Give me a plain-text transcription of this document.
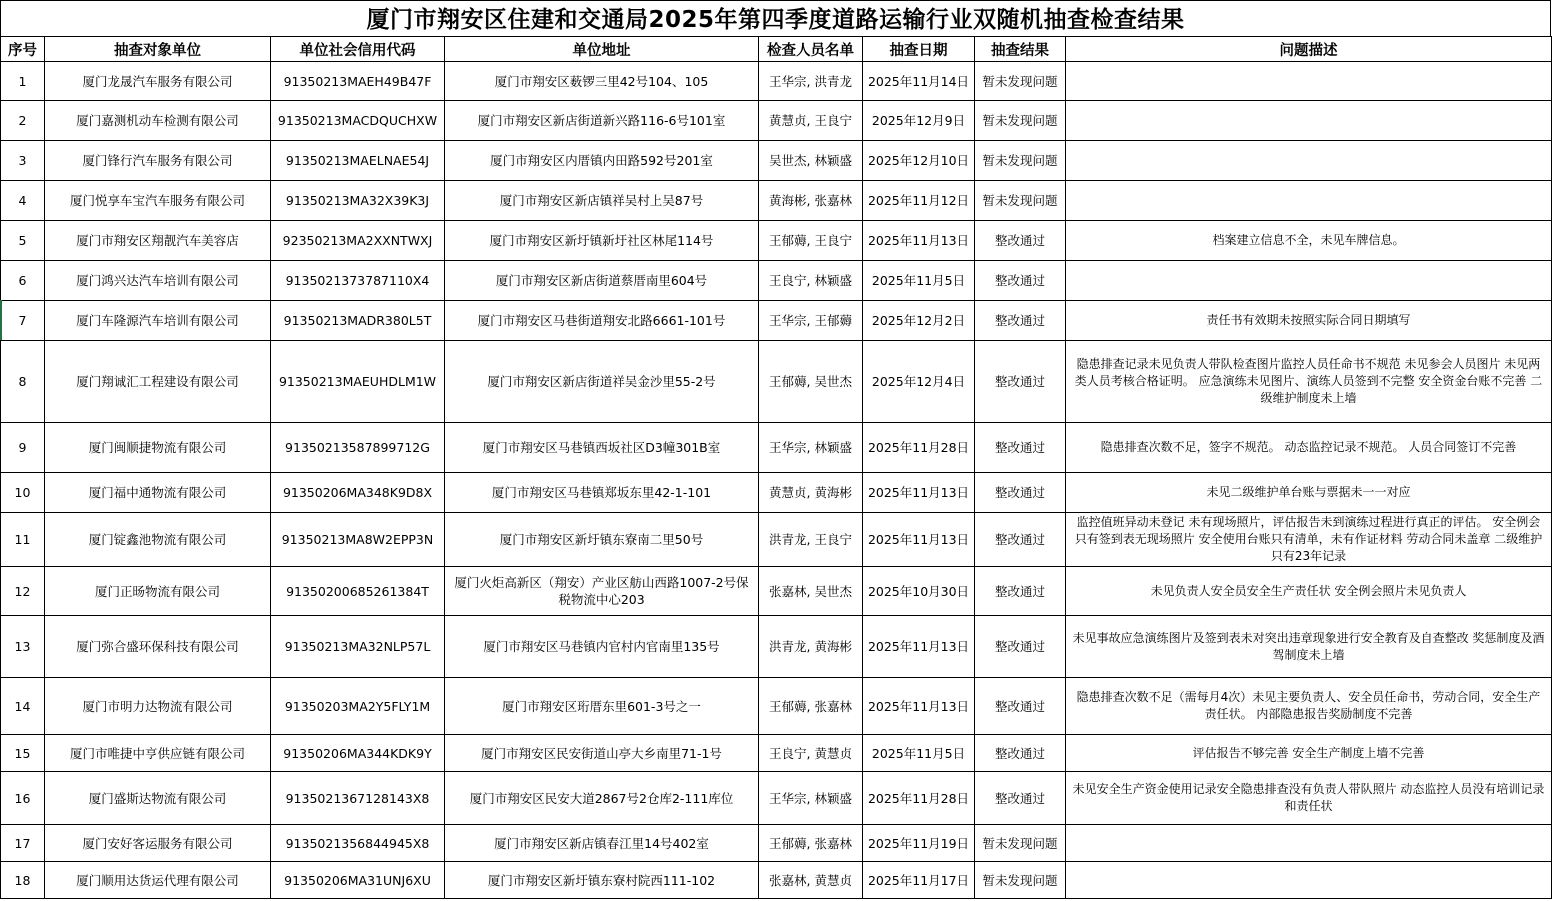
厦门市翔安区住建和交通局2025年第四季度道路运输行业双随机抽查检查结果
序号	抽查对象单位	单位社会信用代码	单位地址	检查人员名单	抽查日期	抽查结果	问题描述
1	厦门龙晟汽车服务有限公司	91350213MAEH49B47F	厦门市翔安区薮锣三里42号104、105	王华宗, 洪青龙	2025年11月14日	暂未发现问题	
2	厦门嘉测机动车检测有限公司	91350213MACDQUCHXW	厦门市翔安区新店街道新兴路116-6号101室	黄慧贞, 王良宁	2025年12月9日	暂未发现问题	
3	厦门锋行汽车服务有限公司	91350213MAELNAE54J	厦门市翔安区内厝镇内田路592号201室	吴世杰, 林颖盛	2025年12月10日	暂未发现问题	
4	厦门悦享车宝汽车服务有限公司	91350213MA32X39K3J	厦门市翔安区新店镇祥吴村上吴87号	黄海彬, 张嘉林	2025年11月12日	暂未发现问题	
5	厦门市翔安区翔靓汽车美容店	92350213MA2XXNTWXJ	厦门市翔安区新圩镇新圩社区林尾114号	王郁薅, 王良宁	2025年11月13日	整改通过	档案建立信息不全，未见车牌信息。
6	厦门鸿兴达汽车培训有限公司	9135021373787110X4	厦门市翔安区新店街道蔡厝南里604号	王良宁, 林颖盛	2025年11月5日	整改通过	
7	厦门车隆源汽车培训有限公司	91350213MADR380L5T	厦门市翔安区马巷街道翔安北路6661-101号	王华宗, 王郁薅	2025年12月2日	整改通过	责任书有效期未按照实际合同日期填写
8	厦门翔诚汇工程建设有限公司	91350213MAEUHDLM1W	厦门市翔安区新店街道祥吴金沙里55-2号	王郁薅, 吴世杰	2025年12月4日	整改通过	隐患排查记录未见负责人带队检查图片监控人员任命书不规范 未见参会人员图片 未见两类人员考核合格证明。 应急演练未见图片、演练人员签到不完整 安全资金台账不完善 二级维护制度未上墙
9	厦门闽顺捷物流有限公司	91350213587899712G	厦门市翔安区马巷镇西坂社区D3幢301B室	王华宗, 林颖盛	2025年11月28日	整改通过	隐患排查次数不足，签字不规范。 动态监控记录不规范。 人员合同签订不完善
10	厦门福中通物流有限公司	91350206MA348K9D8X	厦门市翔安区马巷镇郑坂东里42-1-101	黄慧贞, 黄海彬	2025年11月13日	整改通过	未见二级维护单台账与票据未一一对应
11	厦门锭鑫池物流有限公司	91350213MA8W2EPP3N	厦门市翔安区新圩镇东寮南二里50号	洪青龙, 王良宁	2025年11月13日	整改通过	监控值班异动未登记 未有现场照片，评估报告未到演练过程进行真正的评估。 安全例会只有签到表无现场照片 安全使用台账只有清单，未有作证材料 劳动合同未盖章 二级维护只有23年记录
12	厦门正旸物流有限公司	91350200685261384T	厦门火炬高新区（翔安）产业区舫山西路1007-2号保税物流中心203	张嘉林, 吴世杰	2025年10月30日	整改通过	未见负责人安全员安全生产责任状 安全例会照片未见负责人
13	厦门弥合盛环保科技有限公司	91350213MA32NLP57L	厦门市翔安区马巷镇内官村内官南里135号	洪青龙, 黄海彬	2025年11月13日	整改通过	未见事故应急演练图片及签到表未对突出违章现象进行安全教育及自查整改 奖惩制度及酒驾制度未上墙
14	厦门市明力达物流有限公司	91350203MA2Y5FLY1M	厦门市翔安区珩厝东里601-3号之一	王郁薅, 张嘉林	2025年11月13日	整改通过	隐患排查次数不足（需每月4次）未见主要负责人、安全员任命书，劳动合同，安全生产责任状。 内部隐患报告奖励制度不完善
15	厦门市唯捷中亨供应链有限公司	91350206MA344KDK9Y	厦门市翔安区民安街道山亭大乡南里71-1号	王良宁, 黄慧贞	2025年11月5日	整改通过	评估报告不够完善 安全生产制度上墙不完善
16	厦门盛斯达物流有限公司	9135021367128143X8	厦门市翔安区民安大道2867号2仓库2-111库位	王华宗, 林颖盛	2025年11月28日	整改通过	未见安全生产资金使用记录安全隐患排查没有负责人带队照片 动态监控人员没有培训记录和责任状
17	厦门安好客运服务有限公司	9135021356844945X8	厦门市翔安区新店镇春江里14号402室	王郁薅, 张嘉林	2025年11月19日	暂未发现问题	
18	厦门顺用达货运代理有限公司	91350206MA31UNJ6XU	厦门市翔安区新圩镇东寮村院西111-102	张嘉林, 黄慧贞	2025年11月17日	暂未发现问题	
